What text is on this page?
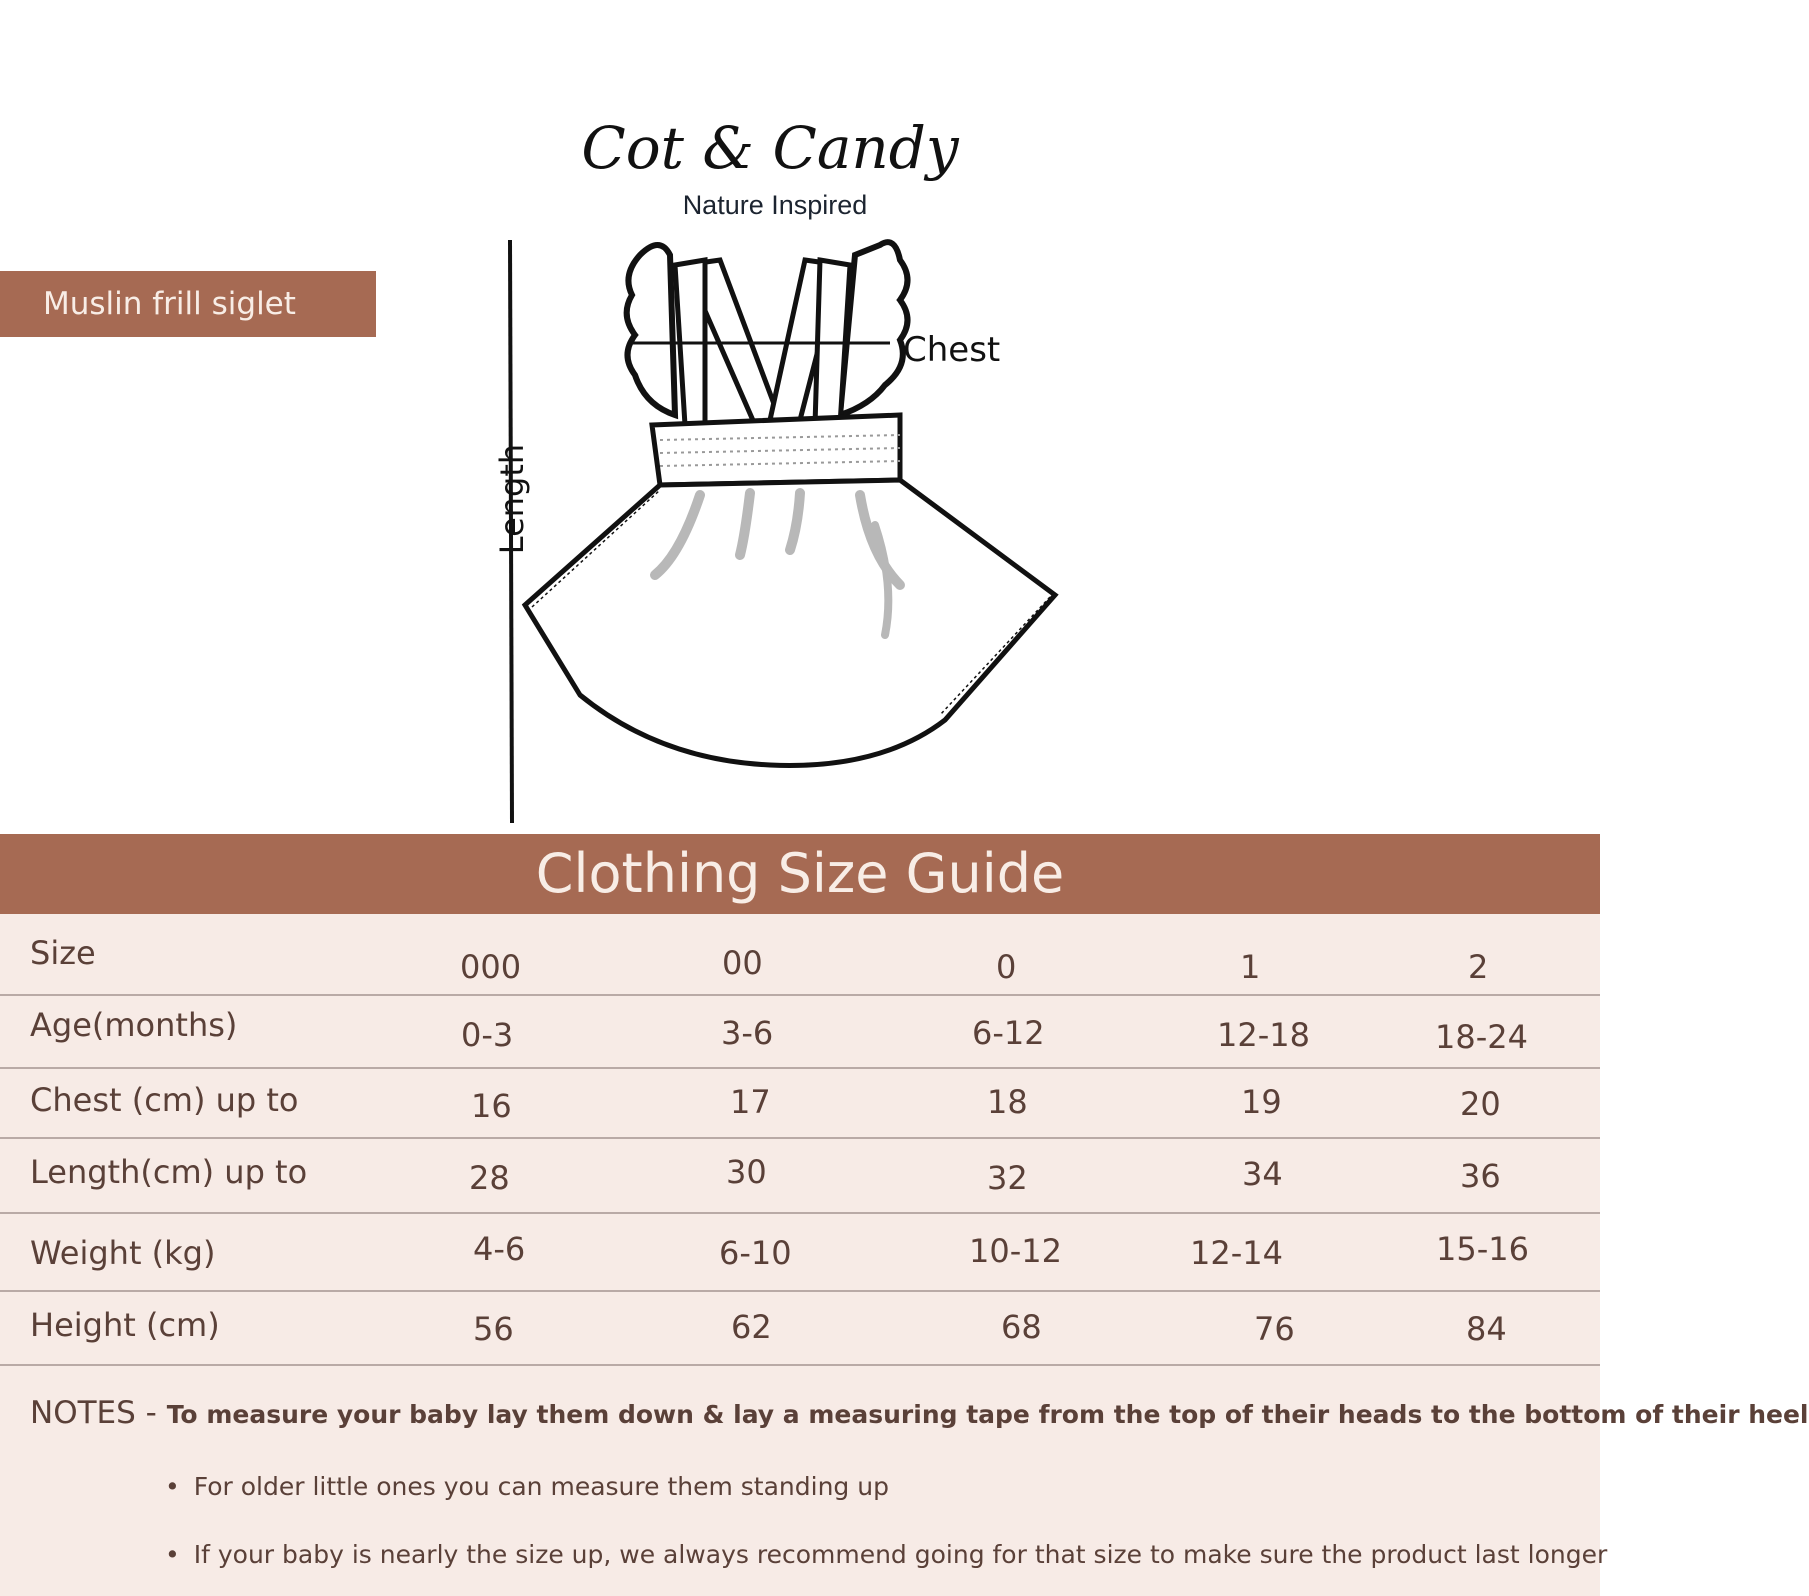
Cot & Candy
Nature Inspired
Muslin frill siglet
Chest
Length
Clothing Size Guide
Size	000	00	0	1	2
Age(months)	0-3	3-6	6-12	12-18	18-24
Chest (cm) up to	16	17	18	19	20
Length(cm) up to	28	30	32	34	36
Weight (kg)	4-6	6-10	10-12	12-14	15-16
Height (cm)	56	62	68	76	84
NOTES - To measure your baby lay them down & lay a measuring tape from the top of their heads to the bottom of their heel
• For older little ones you can measure them standing up
• If your baby is nearly the size up, we always recommend going for that size to make sure the product last longer
